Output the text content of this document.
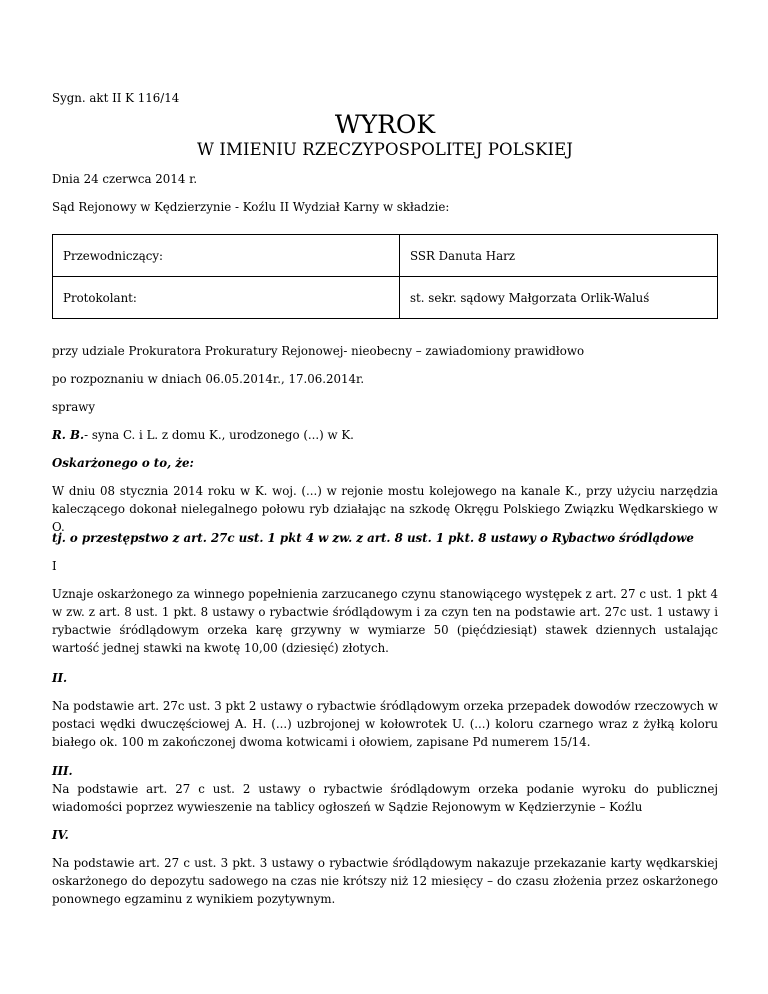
Sygn. akt II K 116/14
WYROK
W IMIENIU RZECZYPOSPOLITEJ POLSKIEJ
Dnia 24 czerwca 2014 r.
Sąd Rejonowy w Kędzierzynie - Koźlu II Wydział Karny w składzie:
Przewodniczący:	SSR Danuta Harz
Protokolant:	st. sekr. sądowy Małgorzata Orlik-Waluś
przy udziale Prokuratora Prokuratury Rejonowej- nieobecny – zawiadomiony prawidłowo
po rozpoznaniu w dniach 06.05.2014r., 17.06.2014r.
sprawy
R. B.- syna C. i L. z domu K., urodzonego (...) w K.
Oskarżonego o to, że:
W dniu 08 stycznia 2014 roku w K. woj. (...) w rejonie mostu kolejowego na kanale K., przy użyciu narzędzia kaleczącego dokonał nielegalnego połowu ryb działając na szkodę Okręgu Polskiego Związku Wędkarskiego w O.
tj. o przestępstwo z art. 27c ust. 1 pkt 4 w zw. z art. 8 ust. 1 pkt. 8 ustawy o Rybactwo śródlądowe
I
Uznaje oskarżonego za winnego popełnienia zarzucanego czynu stanowiącego występek z art. 27 c ust. 1 pkt 4 w zw. z art. 8 ust. 1 pkt. 8 ustawy o rybactwie śródlądowym i za czyn ten na podstawie art. 27c ust. 1 ustawy i rybactwie śródlądowym orzeka karę grzywny w wymiarze 50 (pięćdziesiąt) stawek dziennych ustalając wartość jednej stawki na kwotę 10,00 (dziesięć) złotych.
II.
Na podstawie art. 27c ust. 3 pkt 2 ustawy o rybactwie śródlądowym orzeka przepadek dowodów rzeczowych w postaci wędki dwuczęściowej A. H. (...) uzbrojonej w kołowrotek U. (...) koloru czarnego wraz z żyłką koloru białego ok. 100 m zakończonej dwoma kotwicami i ołowiem, zapisane Pd numerem 15/14.
III.
Na podstawie art. 27 c ust. 2 ustawy o rybactwie śródlądowym orzeka podanie wyroku do publicznej wiadomości poprzez wywieszenie na tablicy ogłoszeń w Sądzie Rejonowym w Kędzierzynie – Koźlu
IV.
Na podstawie art. 27 c ust. 3 pkt. 3 ustawy o rybactwie śródlądowym nakazuje przekazanie karty wędkarskiej oskarżonego do depozytu sadowego na czas nie krótszy niż 12 miesięcy – do czasu złożenia przez oskarżonego ponownego egzaminu z wynikiem pozytywnym.
